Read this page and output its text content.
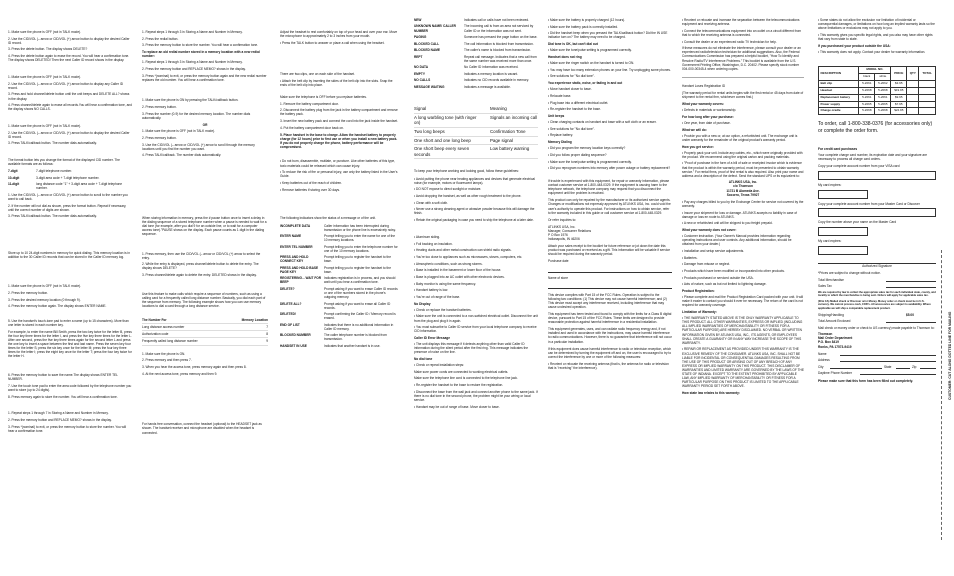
1. Make sure the phone is OFF (not in TALK mode).
2. Use the CID/VOL (– arrow or CID/VOL (+) arrow button to display the desired Caller ID record.
3. Press the delete button. The display shows DELETE?
4. Press the delete button again to erase the record. You will hear a confirmation tone. The display shows DELETED! Then the next Caller ID record shows in the display.
1. Make sure the phone is OFF (not in TALK mode).
2. Use the CID/VOL (– arrow or CID/VOL (+) arrow button to display any Caller ID record.
3. Press and hold channel/delete button until the unit beeps and DELETE ALL? shows in the display.
4. Press channel/delete again to erase all records.You will hear a confirmation tone, and the display shows NO CALLS.
1. Make sure the phone is OFF (not in TALK mode).
2. Use the CID/VOL (– arrow or CID/VOL (+) arrow button to display the desired Caller ID record.
3. Press TALK/callback button. The number dials automatically.
The format button lets you change the format of the displayed CID number. The available formats are as follows:
7-digit	7-digit telephone number.
10-digit	3-digit area code + 7-digit telephone number.
11-digit	long distance code "1" + 3-digit area code + 7-digit telephone number.
1. Use the CID/VOL (– arrow or CID/VOL (+) arrow button to scroll to the number you want to call back.
2. If the number will not dial as shown, press the format button. Repeat if necessary, until the correct number of digits are shown.
3. Press TALK/callback button. The number dials automatically.
Store up to 10 24-digit numbers in memory for quick dialing. This memory location is in addition to the 30 Caller ID records that can be stored in the Caller ID memory log.
1. Make sure the phone is OFF (not in TALK mode).
2. Press the memory button.
3. Press the desired memory location (0 through 9).
4. Press the memory button again. The display shows ENTER NAME.
5. Use the handset's touch-tone pad to enter a name (up to 15 characters). More than one letter is stored in each number key.
For example, to enter the name Bill Smith, press the two key twice for the letter B, press the four key three times for the letter I, and press the five key three times for the letter L. After one second, press the five key three times again for the second letter L and press the one key to insert a space between the first and last name. Press the seven key four times for the letter S; press the six key once for the letter M; press the four key three times for the letter I; press the eight key once for the letter T; press the four key twice for the letter H.
6. Press the memory button to save the name.The display shows ENTER TEL NUMBER.
7. Use the touch tone pad to enter the area code followed by the telephone number you want to store (up to 24 digits).
8. Press memory again to store the number. You will hear a confirmation tone.
1. Repeat steps 1 through 7 in Storing a Name and Number in Memory.
2. Press the memory button and REPLACE MEMO? shows in the display.
3. Press *(nominal) to exit, or press the memory button to store the number. You will hear a confirmation tone.
1. Repeat steps 1 through 3 in Storing a Name and Number in Memory.
2. Press the redial button.
3. Press the memory button to store the number. You will hear a confirmation tone.
To replace an old redial number stored in a memory location with a new redial number:
1. Repeat steps 1 through 3 in Storing a Name and Number in Memory.
2. Press the memory button and REPLACE MEMO? shows in the display.
3. Press *(nominal) to exit, or press the memory button again and the new redial number replaces the old number. You will hear a confirmation tone.
1. Make sure the phone is ON by pressing the TALK/callback button.
2. Press memory button.
3. Press the number (0-9) for the desired memory location. The number dials automatically.
OR
1. Make sure the phone is OFF (not in TALK mode).
2. Press memory button.
3. Use the CID/VOL (– arrow or CID/VOL (+) arrow to scroll through the memory locations until you find the number you want.
4. Press TALK/callback. The number dials automatically.
When storing information in memory, press the # pause button once to insert a delay in the dialing sequence of a stored telephone number when a pause is needed to wait for a dial tone (for example, after you dial 9 for an outside line, or to wait for a computer access tone)."PAUSE shows on the display. Each pause counts as 1 digit in the dialing sequence.
1. Press memory, then use the CID/VOL (– arrow or CID/VOL (+) arrow to select the entry.
2. While the entry is displayed, press channel/delete button to delete the entry. The display shows DELETE?
3. Press channel/delete again to delete the entry. DELETED shows in the display.
Use this feature to make calls which require a sequence of numbers, such as using a calling card for a frequently called long distance number. Basically, you dial each part of the sequence from memory. The following example shows how you can use memory locations to dial a card through a long distance service.
The Number For	Memory Location
Long distance access number	7
Authorization code	8
Frequently called long distance number	9
1. Make sure the phone is ON.
2. Press memory and then press 7.
3. When you hear the access tone, press memory again and then press 8.
4. At the next access tone, press memory and then 9.
For hands free conversation, connect the headset (optional) to the HEADSET jack as shown. The handset receiver and microphone are disabled when the headset is connected.
Adjust the headset to rest comfortably on top of your head and over your ear. Move the microphone to approximately 2 to 3 inches from your mouth.
• Press the TALK button to answer or place a call when using the headset.
There are two clips, one on each side of the handset.
• Attach the belt clip by inserting the sides of the belt clip into the slots. Snap the ends of the belt clip into place.
Make sure the telephone is OFF before you replace batteries.
1. Remove the battery compartment door.
2. Disconnect the battery plug from the jack in the battery compartment and remove the battery pack.
3. Insert the new battery pack and connect the cord into the jack inside the handset.
4. Put the battery compartment door back on.
5. Place handset in the base to charge. Allow the handset battery to properly charge (for 12 hours) prior to first use or when you install a new battery pack. If you do not properly charge the phone, battery performance will be compromised.
• Do not burn, disassemble, mutilate, or puncture. Like other batteries of this type, toxic materials could be released which can cause injury.
• To reduce the risk of fire or personal injury, use only the battery listed in the User's Guide.
• Keep batteries out of the reach of children.
• Remove batteries if storing over 30 days.
The following indicators show the status of a message or of the unit.
INCOMPLETE DATA	Caller information has been interrupted during transmission or the phone line is excessively noisy.
ENTER NAME	Prompt telling you to enter the name for one of the 10 memory locations.
ENTER TEL NUMBER	Prompt telling you to enter the telephone number for one of the 10 memory locations.
PRESS AND HOLD CONNECT KEY
Prompt telling you to register the handset to the base.
PRESS AND HOLD BASE PAGE KEY
Prompt telling you to register the handset to the base.
REGISTERING... WAIT FOR BEEP
Indicates registration is in process, and you should wait until you hear a confirmation tone.
DELETE?	Prompt asking if you want to erase Caller ID records or one of the numbers stored in the phone's outgoing memory.
DELETE ALL?	Prompt asking if you want to erase all Caller ID records.
DELETED!	Prompt confirming the Caller ID / Memory record is erased.
END OF LIST	Indicates that there is no additional information in Caller ID memory.
BLOCKED NUMBER	The caller telephone number is blocked from transmission.
HANDSET IN USE	Indicates that another handset is in use.
NEW	Indicates call or calls have not been reviewed.
UNKNOWN NAME/ CALLER NUMBER
The incoming call is from an area not serviced by Caller ID or the information was not sent.
PAGING	Someone has pressed the page button on the base.
BLOCKED CALL	The call information is blocked from transmission.
BLOCKED NAME	The caller's name is blocked from transmission.
REPT	Repeat call message. Indicates that a new call from the same number was received more than once.
NO DATA	No Caller ID information was received.
EMPTY	Indicates a memory location is vacant.
NO CALLS	Indicates no CID records available in memory.
MESSAGE WAITING	Indicates a message is available.
Signal	Meaning
A long warbling tone (with ringer on)
Signals an incoming call
Two long beeps	Confirmation Tone
One short and one long beep	Page signal
One short beep every seven seconds
Low battery warning
To keep your telephone working and looking good, follow these guidelines:
• Avoid putting the phone near heating appliances and devices that generate electrical noise (for example, motors or fluorescent lamps).
• DO NOT expose to direct sunlight or moisture.
• Avoid dropping the handset, as well as other rough treatment to the phone.
• Clean with a soft cloth.
• Never use a strong cleaning agent or abrasive powder because this will damage the finish.
• Retain the original packaging in case you need to ship the telephone at a later date.
• Aluminum siding.
• Foil backing on insulation.
• Heating ducts and other metal construction can shield radio signals.
• You're too close to appliances such as microwaves, stoves, computers, etc.
• Atmospheric conditions, such as strong storms.
• Base is installed in the basement or lower floor of the house.
• Base is plugged into an AC outlet with other electronic devices.
• Baby monitor is using the same frequency.
• Handset battery is low.
• You're out of range of the base.
No Display
• Check or replace the handset batteries.
• Make sure the unit is connected to a non-switched electrical outlet. Disconnect the unit from the plug and plug it in again.
• You must subscribe to Caller ID service from your local telephone company to receive CID information.
Caller ID Error Message
• The unit displays this message if it detects anything other than valid Caller ID information during the silent period after the first ring. This message indicates the presence of noise on the line.
No dial tone
• Check or repeat installation steps:
Make sure power cords are connected to working electrical outlets.
Make sure the telephone line cord is connected to the telephone line jack.
• Re-register the handset to the base to restore the registration.
• Disconnect the base from the wall jack and connect another phone to the same jack. If there is no dial tone in the second phone, the problem might be your wiring or local service.
• Handset may be out of range of base. Move closer to base.
• Make sure the battery is properly charged (12 hours).
• Make sure the battery pack is correctly installed.
• Did the handset beep when you pressed the TALK/callback button? Did the IN USE indicator turn on? The battery may need to be charged.
Dial tone is OK, but can't dial out
• Make sure the tone/pulse setting is programmed correctly.
Handset does not ring
• Make sure the ringer switch on the handset is turned to ON.
• You may have too many extension phones on your line. Try unplugging some phones.
• See solutions for "No dial tone".
You experience static, noise, or fading in and out
• Move handset closer to base.
• Relocate base.
• Plug base into a different electrical outlet.
• Re-register the handset to the base.
Unit beeps
• Clean charging contacts on handset and base with a soft cloth or an eraser.
• See solutions for "No dial tone".
• Replace battery.
Memory Dialing
• Did you program the memory location keys correctly?
• Did you follow proper dialing sequence?
• Make sure the tone/pulse setting is programmed correctly.
• Did you reprogram numbers into memory after power outage or battery replacement?
If trouble is experienced with this equipment, for repair or warranty information, please contact customer service at 1-800-448-0329. If the equipment is causing harm to the telephone network, the telephone company may request that you disconnect the equipment until the problem is resolved.
This product can only be repaired by the manufacturer or its authorized service agents. Changes or modifications not expressly approved by ATLINKS USA, Inc. could void the user's authority to operate this product. For instructions on how to obtain service, refer to the warranty included in this guide or call customer service at 1-800-448-0329.
Or refer inquiries to:
ATLINKS USA, Inc.
Manager, Consumer Relations
P O Box 1976
Indianapolis, IN 46206
Attach your sales receipt to the booklet for future reference or jot down the date this product was purchased or received as a gift. This information will be valuable if service should be required during the warranty period.
Purchase date
Name of store
This device complies with Part 15 of the FCC Rules. Operation is subject to the following two conditions: (1) This device may not cause harmful interference; and (2) This device must accept any interference received, including interference that may cause undesired operation.
This equipment has been tested and found to comply with the limits for a Class B digital device, pursuant to Part 15 of the FCC Rules. These limits are designed to provide reasonable protection against harmful interference in a residential installation.
This equipment generates, uses, and can radiate radio frequency energy and, if not installed and used in accordance with the instructions, may cause harmful interference to radio communications. However, there is no guarantee that interference will not occur in a particular installation.
If this equipment does cause harmful interference to radio or television reception, which can be determined by turning the equipment off and on, the user is encouraged to try to correct the interference by one or more of the following measures:
• Reorient or relocate the receiving antenna (that is, the antenna for radio or television that is "receiving" the interference).
• Reorient or relocate and increase the separation between the telecommunications equipment and receiving antenna.
• Connect the telecommunications equipment into an outlet on a circuit different from that to which the receiving antenna is connected.
• Consult the dealer or an experienced radio TV technician for help.
If these measures do not eliminate the interference, please consult your dealer or an experienced radio/television technician for additional suggestions. Also, the Federal Communications Commission has prepared a helpful booklet, "How To Identify and Resolve Radio/TV Interference Problems." This booklet is available from the U.S. Government Printing Office, Washington, D.C. 20402. Please specify stock number 004-000-00345-4 when ordering copies.
Handset Loses Registration ID
(The warranty period for rental units begins with the first rental or 45 days from date of shipment to the rental firm, whichever comes first.)
What your warranty covers:
• Defects in materials or workmanship.
For how long after your purchase:
• One year, from date of purchase.
What we will do:
• Provide you with a new or, at our option, a refurbished unit. The exchange unit is under warranty for the remainder of the original product's warranty period.
How you get service:
• Properly pack your unit. Include any cables, etc., which were originally provided with the product. We recommend using the original carton and packing materials.
• "Proof of purchase in the form of a bill of sale or receipted invoice which is evidence that the product is within the warranty period, must be presented to obtain warranty service." For rental firms, proof of first rental is also required. Also print your name and address and a description of the defect. Send the standard UPS or its equivalent to:
ATLINKS USA, Inc.
c/o Thomson
11721 B Alameda Ave.
Socorro, Texas 79927
• Pay any charges billed to you by the Exchange Center for service not covered by the warranty.
• Insure your shipment for loss or damage. ATLINKS accepts no liability in case of damage or loss en route to ATLINKS.
• A new or refurbished unit will be shipped to you freight prepaid.
What your warranty does not cover:
• Customer instruction. (Your Owner's Manual provides information regarding operating instructions and user controls. Any additional information, should be obtained from your dealer.)
• Installation and setup service adjustments.
• Batteries.
• Damage from misuse or neglect.
• Products which have been modified or incorporated into other products.
• Products purchased or serviced outside the USA.
• Acts of nature, such as but not limited to lightning damage.
Product Registration:
• Please complete and mail the Product Registration Card packed with your unit. It will make it easier to contact you should it ever be necessary. The return of the card is not required for warranty coverage.
Limitation of Warranty:
• THE WARRANTY STATED ABOVE IS THE ONLY WARRANTY APPLICABLE TO THIS PRODUCT. ALL OTHER WARRANTIES, EXPRESS OR IMPLIED (INCLUDING ALL IMPLIED WARRANTIES OF MERCHANTABILITY OR FITNESS FOR A PARTICULAR PURPOSE) ARE HEREBY DISCLAIMED. NO VERBAL OR WRITTEN INFORMATION GIVEN BY ATLINKS USA, INC., ITS AGENTS, OR EMPLOYEES SHALL CREATE A GUARANTY OR IN ANY WAY INCREASE THE SCOPE OF THIS WARRANTY.
• REPAIR OR REPLACEMENT AS PROVIDED UNDER THIS WARRANTY IS THE EXCLUSIVE REMEDY OF THE CONSUMER. ATLINKS USA, INC. SHALL NOT BE LIABLE FOR INCIDENTAL OR CONSEQUENTIAL DAMAGES RESULTING FROM THE USE OF THIS PRODUCT OR ARISING OUT OF ANY BREACH OF ANY EXPRESS OR IMPLIED WARRANTY ON THIS PRODUCT. THIS DISCLAIMER OF WARRANTIES AND LIMITED WARRANTY ARE GOVERNED BY THE LAWS OF THE STATE OF INDIANA. EXCEPT TO THE EXTENT PROHIBITED BY APPLICABLE LAW, ANY IMPLIED WARRANTY OF MERCHANTABILITY OR FITNESS FOR A PARTICULAR PURPOSE ON THIS PRODUCT IS LIMITED TO THE APPLICABLE WARRANTY PERIOD SET FORTH ABOVE.
How state law relates to this warranty:
• Some states do not allow the exclusion nor limitation of incidental or consequential damages, or limitations on how long an implied warranty lasts so the above limitations or exclusions may not apply to you.
• This warranty gives you specific legal rights, and you also may have other rights that vary from state to state.
If you purchased your product outside the USA:
• This warranty does not apply. Contact your dealer for warranty information.
DESCRIPTION	MODEL NO.		PRICE	QTY	TOTAL
	black	white			
Belt clip	5-2061	5-2062	$3.95		
Headset	5-2068	5-2068	$19.95		
Replacement battery	5-2061	5-2061	$9.95		
Power supply	5-2065	5-2065	$7.95		
Charge cradle	5-2068	5-2068	$24.95		
To order, call 1-800-338-0376 (for accessories only) or complete the order form.
For credit card purchases
Your complete charge card number, its expiration date and your signature are necessary to process all charge card orders.
Copy your complete account number from your VISA card
My card expires:
Copy your complete account number from your Master Card or Discover
Copy the number above your name on the Master Card
My card expires:
Authorized Signature
*Prices are subject to change without notice.
Total Merchandise
Sales Tax
We are required by law to collect the appropriate sales tax for each individual state, county, and locality to which the merchandise is being sent. Orders will apply for applicable sales tax.
(IN & CA) Mailed check or Discover or/or Money. Money order or check must be in U.S. currency. We cannot process cash, COD's. All accessories are subject to availability. Where applicable we will ship a comparable replacement product.
Shipping/Handling	$5.00
Total Amount Enclosed
Mail check or money order or check to US currency) made payable to Thomson to:
Thomson
Mail Order Department
P.O. Box 8419
Ronks, PA 17573-9419
Name
Address
City	State	Zip
Daytime Phone Number
Please make sure that this form has been filled out completely.	CUSTOMER: CUT ALONG DOTTED LINE FOR MAILING
